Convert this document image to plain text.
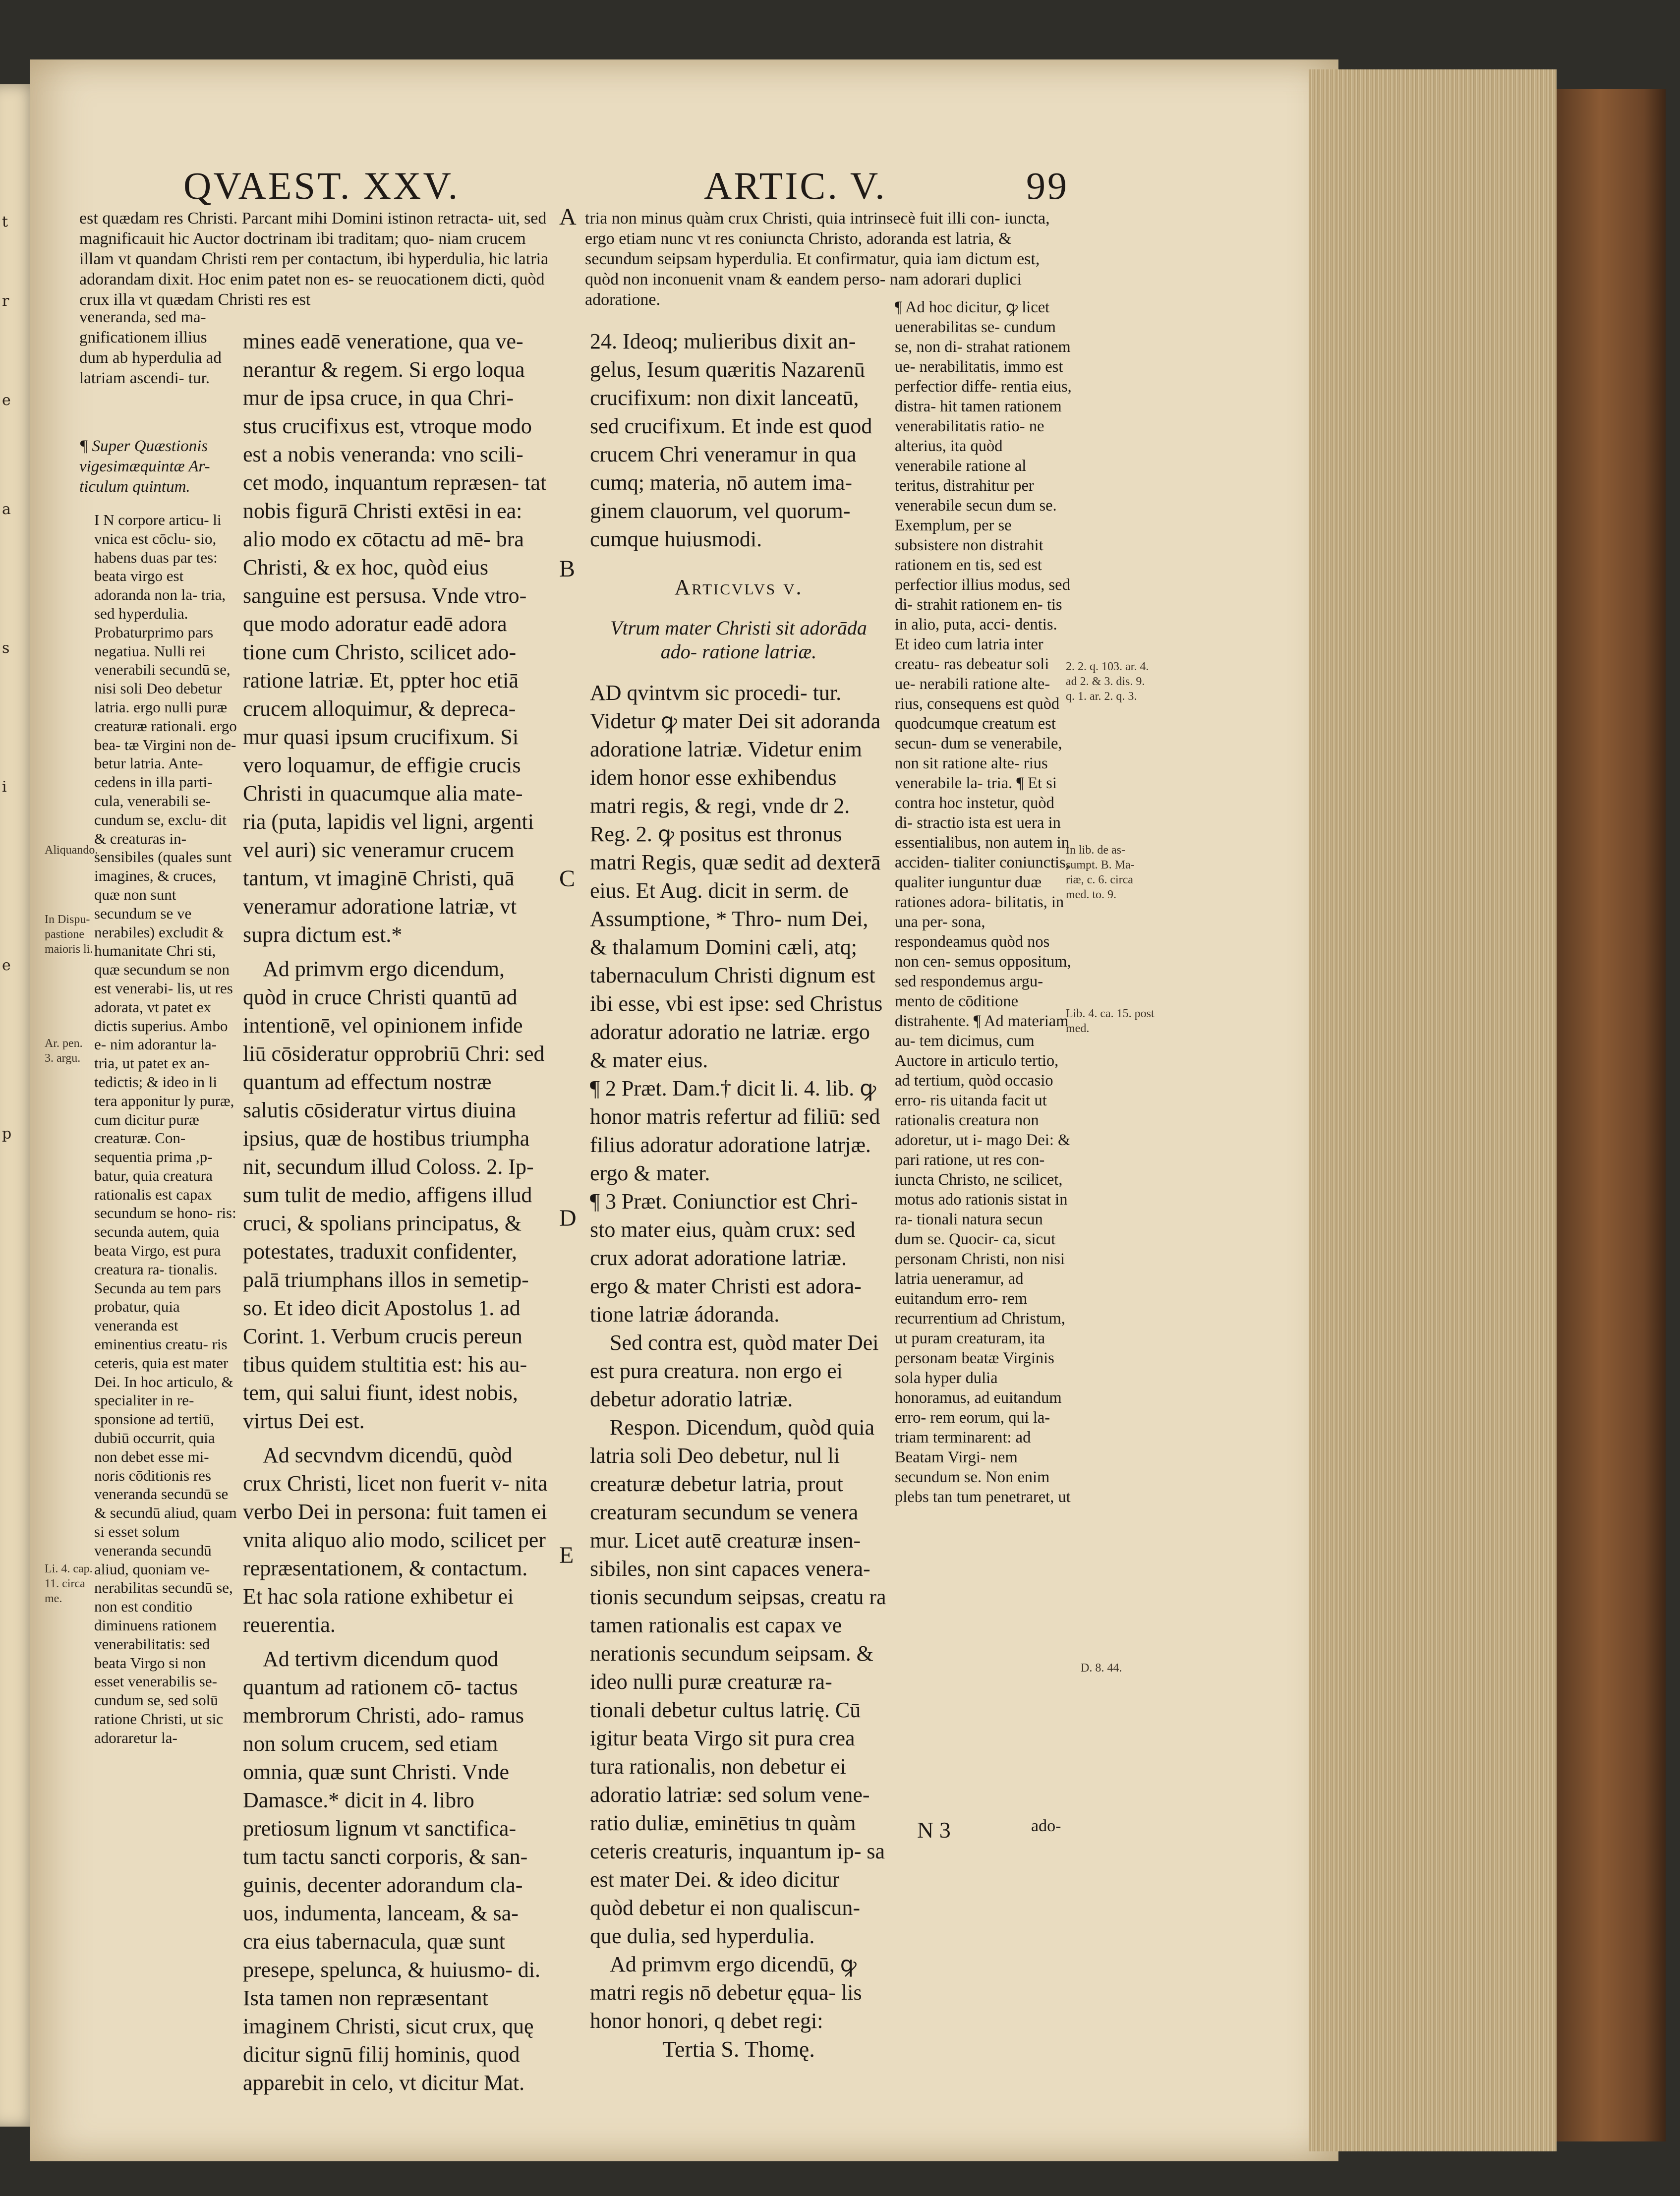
t
r
e
a
s
i
e
p
QVAEST. XXV.	ARTIC. V.	99
est quædam res Christi. Parcant mihi Domini istinon retracta- uit, sed magnificauit hic Auctor doctrinam ibi traditam; quo- niam crucem illam vt quandam Christi rem per contactum, ibi hyperdulia, hic latria adorandam dixit. Hoc enim patet non es- se reuocationem dicti, quòd crux illa vt quædam Christi res est
tria non minus quàm crux Christi, quia intrinsecè fuit illi con- iuncta, ergo etiam nunc vt res coniuncta Christo, adoranda est latria, & secundum seipsam hyperdulia. Et confirmatur, quia iam dictum est, quòd non inconuenit vnam & eandem perso- nam adorari duplici adoratione.
A
B
C
D
E
veneranda, sed ma- gnificationem illius dum ab hyperdulia ad latriam ascendi- tur.
¶ Super Quæstionis vigesimæquintæ Ar- ticulum quintum.
I N corpore articu- li vnica est cōclu- sio, habens duas par tes: beata virgo est adoranda non la- tria, sed hyperdulia. Probaturprimo pars negatiua. Nulli rei venerabili secundū se, nisi soli Deo debetur latria. ergo nulli puræ creaturæ rationali. ergo bea- tæ Virgini non de- betur latria. Ante- cedens in illa parti- cula, venerabili se- cundum se, exclu- dit & creaturas in- sensibiles (quales sunt imagines, & cruces, quæ non sunt secundum se ve nerabiles) excludit & humanitate Chri sti, quæ secundum se non est venerabi- lis, ut res adorata, vt patet ex dictis superius. Ambo e- nim adorantur la- tria, ut patet ex an- tedictis; & ideo in li tera apponitur ly puræ, cum dicitur puræ creaturæ. Con- sequentia prima ,p- batur, quia creatura rationalis est capax secundum se hono- ris: secunda autem, quia beata Virgo, est pura creatura ra- tionalis. Secunda au tem pars probatur, quia veneranda est eminentius creatu- ris ceteris, quia est mater Dei. In hoc articulo, & specialiter in re- sponsione ad tertiū, dubiū occurrit, quia non debet esse mi- noris cōditionis res veneranda secundū se & secundū aliud, quam si esset solum veneranda secundū aliud, quoniam ve- nerabilitas secundū se, non est conditio diminuens rationem venerabilitatis: sed beata Virgo si non esset venerabilis se- cundum se, sed solū ratione Christi, ut sic adoraretur la-
Aliquando.
In Dispu- pastione maioris li.
Ar. pen. 3. argu.
Li. 4. cap. 11. circa me.
mines eadē veneratione, qua ve- nerantur & regem. Si ergo loqua mur de ipsa cruce, in qua Chri- stus crucifixus est, vtroque modo est a nobis veneranda: vno scili- cet modo, inquantum repræsen- tat nobis figurā Christi extēsi in ea: alio modo ex cōtactu ad mē- bra Christi, & ex hoc, quòd eius sanguine est persusa. Vnde vtro- que modo adoratur eadē adora tione cum Christo, scilicet ado- ratione latriæ. Et, ppter hoc etiā crucem alloquimur, & depreca- mur quasi ipsum crucifixum. Si vero loquamur, de effigie crucis Christi in quacumque alia mate- ria (puta, lapidis vel ligni, argenti vel auri) sic veneramur crucem tantum, vt imaginē Christi, quā veneramur adoratione latriæ, vt supra dictum est.*
Ad primvm ergo dicendum, quòd in cruce Christi quantū ad intentionē, vel opinionem infide liū cōsideratur opprobriū Chri: sed quantum ad effectum nostræ salutis cōsideratur virtus diuina ipsius, quæ de hostibus triumpha nit, secundum illud Coloss. 2. Ip- sum tulit de medio, affigens illud cruci, & spolians principatus, & potestates, traduxit confidenter, palā triumphans illos in semetip- so. Et ideo dicit Apostolus 1. ad Corint. 1. Verbum crucis pereun tibus quidem stultitia est: his au- tem, qui salui fiunt, idest nobis, virtus Dei est.
Ad secvndvm dicendū, quòd crux Christi, licet non fuerit v- nita verbo Dei in persona: fuit tamen ei vnita aliquo alio modo, scilicet per repræsentationem, & contactum. Et hac sola ratione exhibetur ei reuerentia.
Ad tertivm dicendum quod quantum ad rationem cō- tactus membrorum Christi, ado- ramus non solum crucem, sed etiam omnia, quæ sunt Christi. Vnde Damasce.* dicit in 4. libro pretiosum lignum vt sanctifica- tum tactu sancti corporis, & san- guinis, decenter adorandum cla- uos, indumenta, lanceam, & sa- cra eius tabernacula, quæ sunt presepe, spelunca, & huiusmo- di. Ista tamen non repræsentant imaginem Christi, sicut crux, quę dicitur signū filij hominis, quod apparebit in celo, vt dicitur Mat.
24. Ideoq; mulieribus dixit an- gelus, Iesum quæritis Nazarenū crucifixum: non dixit lanceatū, sed crucifixum. Et inde est quod crucem Chri veneramur in qua cumq; materia, nō autem ima- ginem clauorum, vel quorum- cumque huiusmodi.
Articvlvs v.
Vtrum mater Christi sit adorāda ado- ratione latriæ.
AD qvintvm sic procedi- tur. Videtur ꝙ mater Dei sit adoranda adoratione latriæ. Videtur enim idem honor esse exhibendus matri regis, & regi, vnde dr 2. Reg. 2. ꝙ positus est thronus matri Regis, quæ sedit ad dexterā eius. Et Aug. dicit in serm. de Assumptione, * Thro- num Dei, & thalamum Domini cæli, atq; tabernaculum Christi dignum est ibi esse, vbi est ipse: sed Christus adoratur adoratio ne latriæ. ergo & mater eius.
¶ 2 Præt. Dam.† dicit li. 4. lib. ꝙ honor matris refertur ad filiū: sed filius adoratur adoratione latrjæ. ergo & mater.
¶ 3 Præt. Coniunctior est Chri- sto mater eius, quàm crux: sed crux adorat adoratione latriæ. ergo & mater Christi est adora- tione latriæ ádoranda.
Sed contra est, quòd mater Dei est pura creatura. non ergo ei debetur adoratio latriæ.
Respon. Dicendum, quòd quia latria soli Deo debetur, nul li creaturæ debetur latria, prout creaturam secundum se venera mur. Licet autē creaturæ insen- sibiles, non sint capaces venera- tionis secundum seipsas, creatu ra tamen rationalis est capax ve nerationis secundum seipsam. & ideo nulli puræ creaturæ ra- tionali debetur cultus latrię. Cū igitur beata Virgo sit pura crea tura rationalis, non debetur ei adoratio latriæ: sed solum vene- ratio duliæ, eminētius tn quàm ceteris creaturis, inquantum ip- sa est mater Dei. & ideo dicitur quòd debetur ei non qualiscun- que dulia, sed hyperdulia.
Ad primvm ergo dicendū, ꝙ matri regis nō debetur ęqua- lis honor honori, q debet regi:
Tertia S. Thomę.
¶ Ad hoc dicitur, ꝙ licet uenerabilitas se- cundum se, non di- strahat rationem ue- nerabilitatis, immo est perfectior diffe- rentia eius, distra- hit tamen rationem venerabilitatis ratio- ne alterius, ita quòd venerabile ratione al teritus, distrahitur per venerabile secun dum se. Exemplum, per se subsistere non distrahit rationem en tis, sed est perfectior illius modus, sed di- strahit rationem en- tis in alio, puta, acci- dentis. Et ideo cum latria inter creatu- ras debeatur soli ue- nerabili ratione alte- rius, consequens est quòd quodcumque creatum est secun- dum se venerabile, non sit ratione alte- rius venerabile la- tria. ¶ Et si contra hoc instetur, quòd di- stractio ista est uera in essentialibus, non autem in acciden- tialiter coniunctis, qualiter iunguntur duæ rationes adora- bilitatis, in una per- sona, respondeamus quòd nos non cen- semus oppositum, sed respondemus argu- mento de cōditione distrahente. ¶ Ad materiam au- tem dicimus, cum Auctore in articulo tertio, ad tertium, quòd occasio erro- ris uitanda facit ut rationalis creatura non adoretur, ut i- mago Dei: & pari ratione, ut res con- iuncta Christo, ne scilicet, motus ado rationis sistat in ra- tionali natura secun dum se. Quocir- ca, sicut personam Christi, non nisi latria ueneramur, ad euitandum erro- rem recurrentium ad Christum, ut puram creaturam, ita personam beatæ Virginis sola hyper dulia honoramus, ad euitandum erro- rem eorum, qui la- triam terminarent: ad Beatam Virgi- nem secundum se. Non enim plebs tan tum penetraret, ut
N 3	ado-
2. 2. q. 103. ar. 4. ad 2. & 3. dis. 9. q. 1. ar. 2. q. 3.
In lib. de as- sumpt. B. Ma- riæ, c. 6. circa med. to. 9.
Lib. 4. ca. 15. post med.
D. 8. 44.
